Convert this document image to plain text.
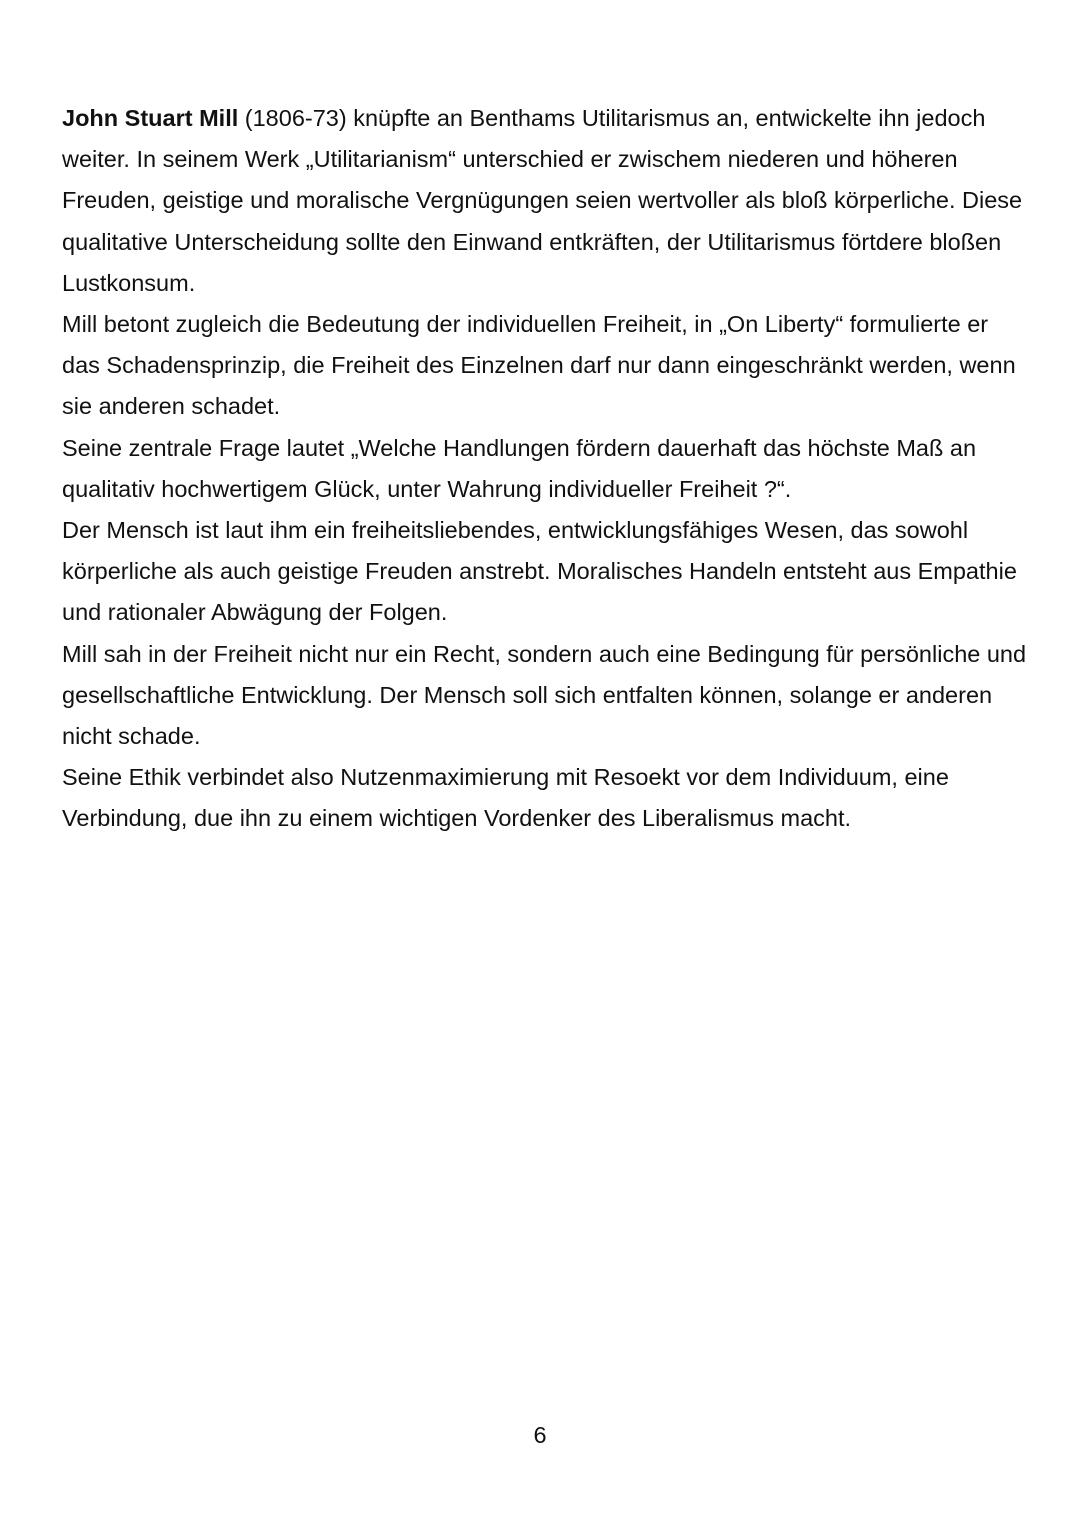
John Stuart Mill (1806-73) knüpfte an Benthams Utilitarismus an, entwickelte ihn jedoch weiter. In seinem Werk „Utilitarianism“ unterschied er zwischem niederen und höheren Freuden, geistige und moralische Vergnügungen seien wertvoller als bloß körperliche. Diese qualitative Unterscheidung sollte den Einwand entkräften, der Utilitarismus förtdere bloßen Lustkonsum.

Mill betont zugleich die Bedeutung der individuellen Freiheit, in „On Liberty“ formulierte er das Schadensprinzip, die Freiheit des Einzelnen darf nur dann eingeschränkt werden, wenn sie anderen schadet.

Seine zentrale Frage lautet „Welche Handlungen fördern dauerhaft das höchste Maß an qualitativ hochwertigem Glück, unter Wahrung individueller Freiheit ?“.

Der Mensch ist laut ihm ein freiheitsliebendes, entwicklungsfähiges Wesen, das sowohl körperliche als auch geistige Freuden anstrebt. Moralisches Handeln entsteht aus Empathie und rationaler Abwägung der Folgen.

Mill sah in der Freiheit nicht nur ein Recht, sondern auch eine Bedingung für persönliche und gesellschaftliche Entwicklung. Der Mensch soll sich entfalten können, solange er anderen nicht schade.

Seine Ethik verbindet also Nutzenmaximierung mit Resoekt vor dem Individuum, eine Verbindung, due ihn zu einem wichtigen Vordenker des Liberalismus macht.

6
